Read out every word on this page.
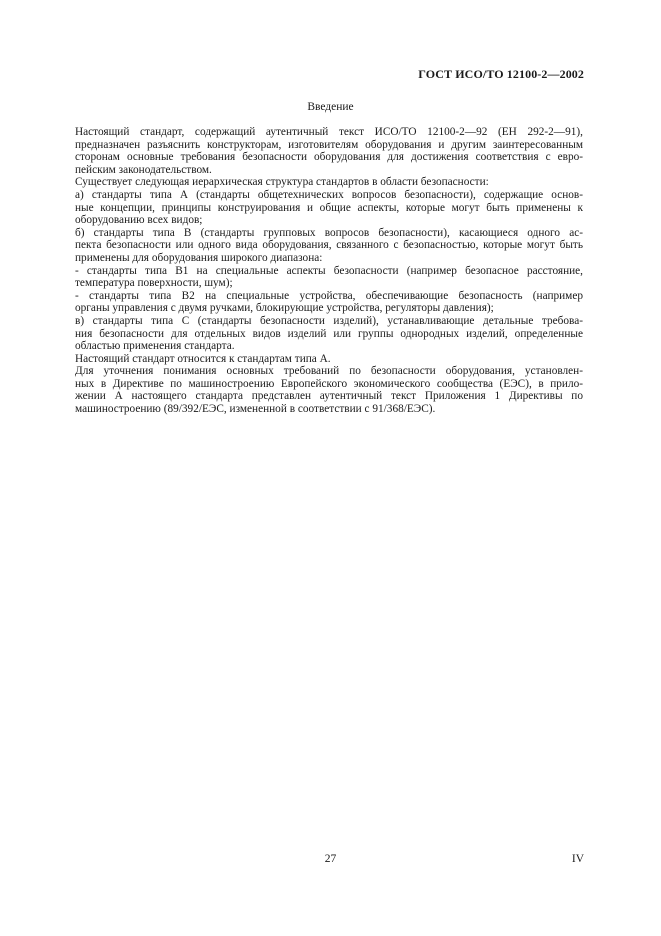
ГОСТ ИСО/ТО 12100-2—2002
Введение
Настоящий стандарт, содержащий аутентичный текст ИСО/ТО 12100-2—92 (ЕН 292-2—91),
предназначен разъяснить конструкторам, изготовителям оборудования и другим заинтересованным
сторонам основные требования безопасности оборудования для достижения соответствия с евро-
пейским законодательством.
Существует следующая иерархическая структура стандартов в области безопасности:
а) стандарты типа А (стандарты общетехнических вопросов безопасности), содержащие основ-
ные концепции, принципы конструирования и общие аспекты, которые могут быть применены к
оборудованию всех видов;
б) стандарты типа В (стандарты групповых вопросов безопасности), касающиеся одного ас-
пекта безопасности или одного вида оборудования, связанного с безопасностью, которые могут быть
применены для оборудования широкого диапазона:
- стандарты типа В1 на специальные аспекты безопасности (например безопасное расстояние,
температура поверхности, шум);
- стандарты типа В2 на специальные устройства, обеспечивающие безопасность (например
органы управления с двумя ручками, блокирующие устройства, регуляторы давления);
в) стандарты типа С (стандарты безопасности изделий), устанавливающие детальные требова-
ния безопасности для отдельных видов изделий или группы однородных изделий, определенные
областью применения стандарта.
Настоящий стандарт относится к стандартам типа А.
Для уточнения понимания основных требований по безопасности оборудования, установлен-
ных в Директиве по машиностроению Европейского экономического сообщества (ЕЭС), в прило-
жении А настоящего стандарта представлен аутентичный текст Приложения 1 Директивы по
машиностроению (89/392/ЕЭС, измененной в соответствии с 91/368/ЕЭС).
27	IV
